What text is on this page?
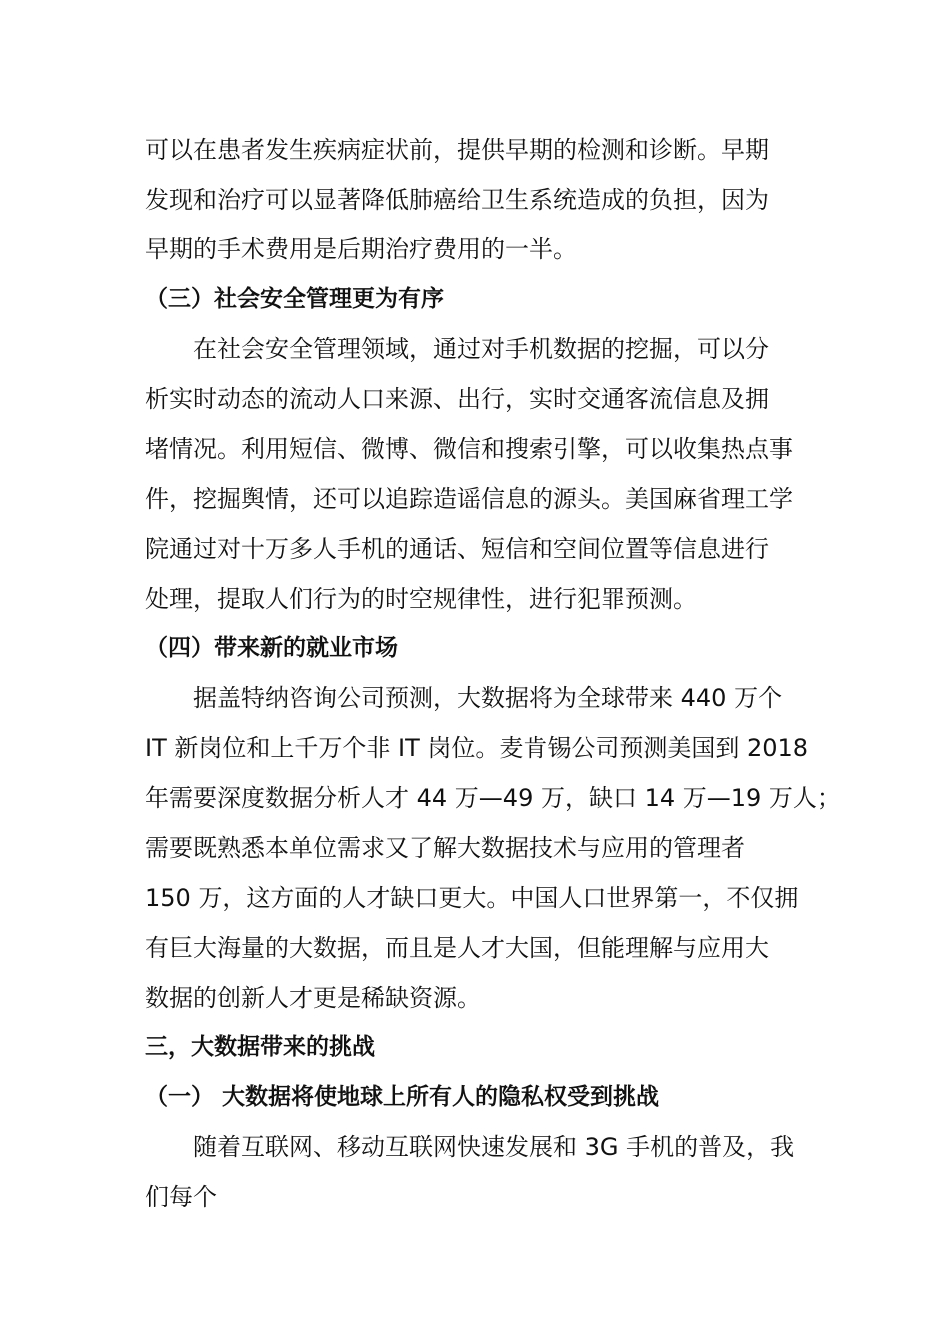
可以在患者发生疾病症状前，提供早期的检测和诊断。早期
发现和治疗可以显著降低肺癌给卫生系统造成的负担，因为
早期的手术费用是后期治疗费用的一半。
（三）社会安全管理更为有序
在社会安全管理领域，通过对手机数据的挖掘，可以分
析实时动态的流动人口来源、出行，实时交通客流信息及拥
堵情况。利用短信、微博、微信和搜索引擎，可以收集热点事
件，挖掘舆情，还可以追踪造谣信息的源头。美国麻省理工学
院通过对十万多人手机的通话、短信和空间位置等信息进行
处理，提取人们行为的时空规律性，进行犯罪预测。
（四）带来新的就业市场
据盖特纳咨询公司预测，大数据将为全球带来 440 万个
IT 新岗位和上千万个非 IT 岗位。麦肯锡公司预测美国到 2018
年需要深度数据分析人才 44 万—49 万，缺口 14 万—19 万人；
需要既熟悉本单位需求又了解大数据技术与应用的管理者
150 万，这方面的人才缺口更大。中国人口世界第一，不仅拥
有巨大海量的大数据，而且是人才大国，但能理解与应用大
数据的创新人才更是稀缺资源。
三，大数据带来的挑战
（一） 大数据将使地球上所有人的隐私权受到挑战
随着互联网、移动互联网快速发展和 3G 手机的普及，我
们每个
